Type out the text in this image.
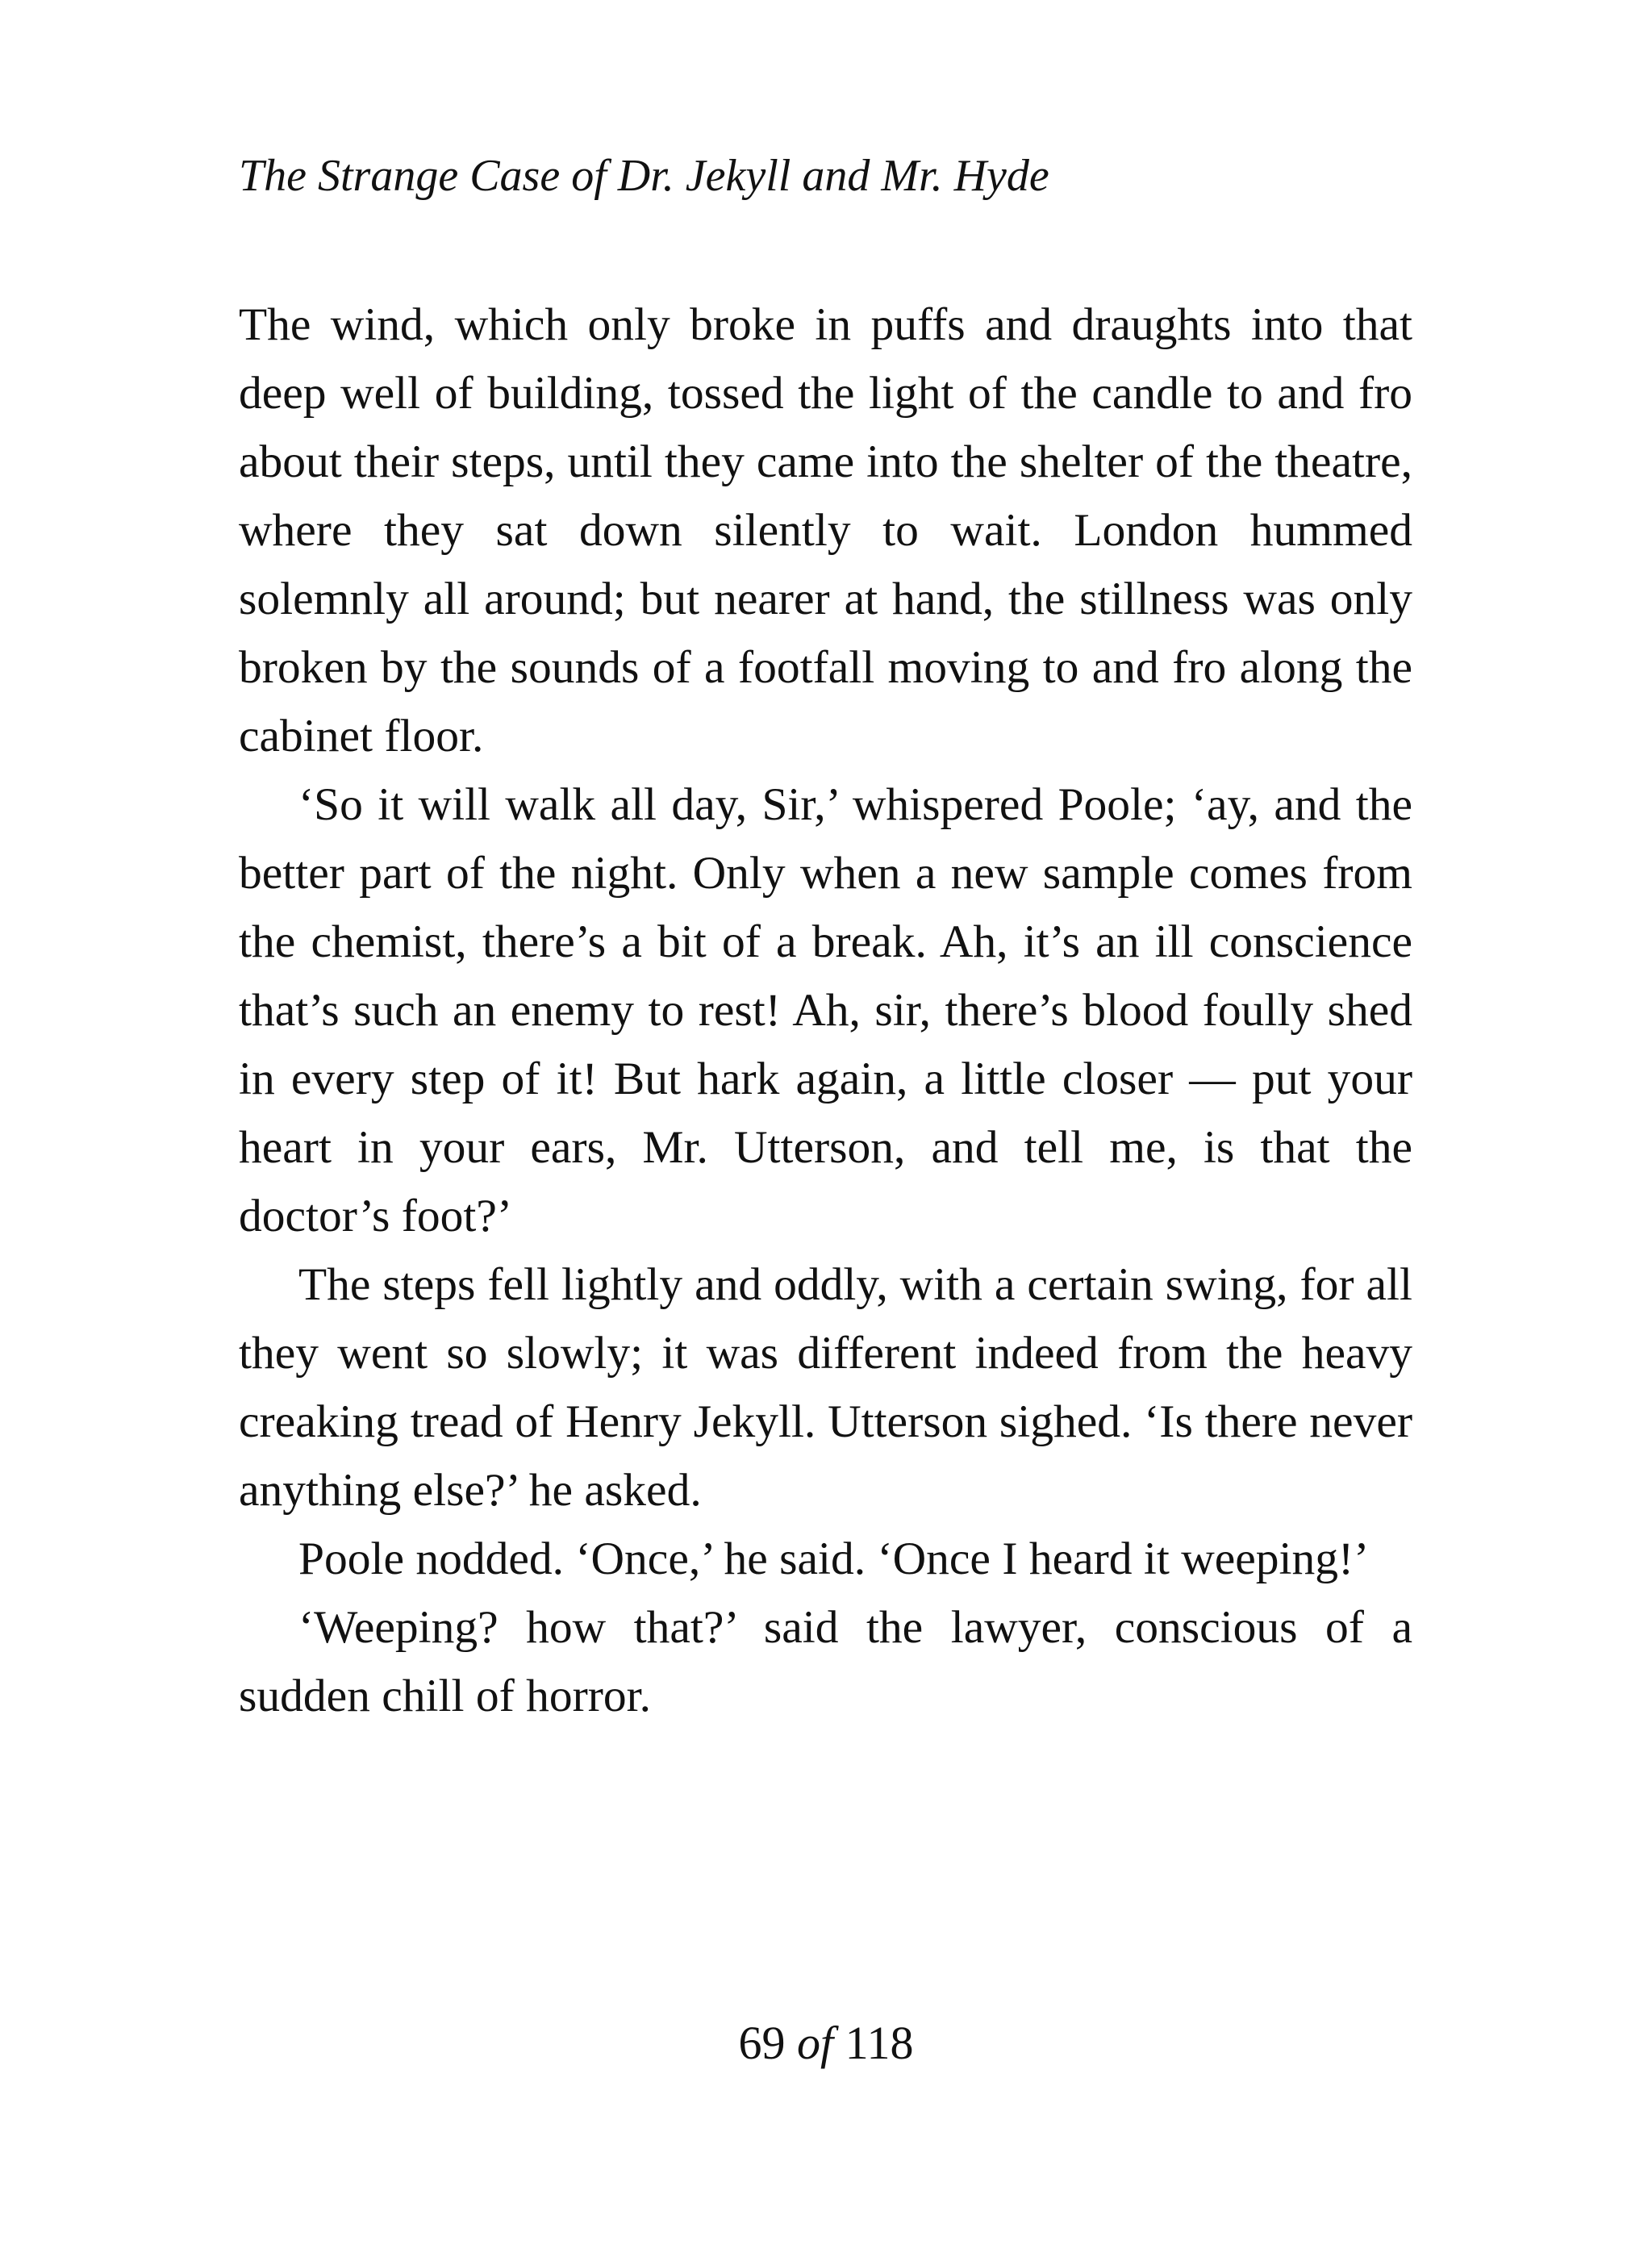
The Strange Case of Dr. Jekyll and Mr. Hyde

The wind, which only broke in puffs and draughts into that deep well of building, tossed the light of the candle to and fro about their steps, until they came into the shelter of the theatre, where they sat down silently to wait. London hummed solemnly all around; but nearer at hand, the stillness was only broken by the sounds of a footfall moving to and fro along the cabinet floor.

‘So it will walk all day, Sir,’ whispered Poole; ‘ay, and the better part of the night. Only when a new sample comes from the chemist, there’s a bit of a break. Ah, it’s an ill conscience that’s such an enemy to rest! Ah, sir, there’s blood foully shed in every step of it! But hark again, a little closer — put your heart in your ears, Mr. Utterson, and tell me, is that the doctor’s foot?’

The steps fell lightly and oddly, with a certain swing, for all they went so slowly; it was different indeed from the heavy creaking tread of Henry Jekyll. Utterson sighed. ‘Is there never anything else?’ he asked.

Poole nodded. ‘Once,’ he said. ‘Once I heard it weeping!’

‘Weeping? how that?’ said the lawyer, conscious of a sudden chill of horror.

69 of 118
